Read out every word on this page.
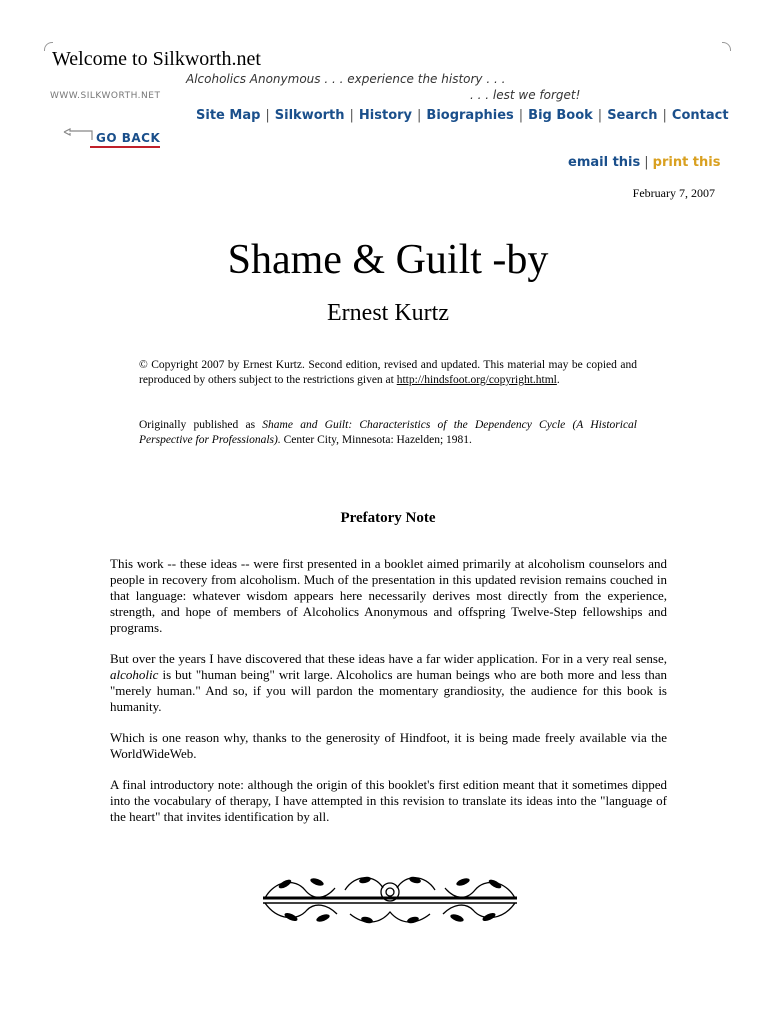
Welcome to Silkworth.net
Alcoholics Anonymous . . . experience the history . . .
WWW.SILKWORTH.NET	. . . lest we forget!
Site Map | Silkworth | History | Biographies | Big Book | Search | Contact
GO BACK
email this | print this
February 7, 2007
Shame & Guilt -by
Ernest Kurtz
© Copyright 2007 by Ernest Kurtz. Second edition, revised and updated. This material may be copied and reproduced by others subject to the restrictions given at http://hindsfoot.org/copyright.html.
Originally published as Shame and Guilt: Characteristics of the Dependency Cycle (A Historical Perspective for Professionals). Center City, Minnesota: Hazelden; 1981.
Prefatory Note
This work -- these ideas -- were first presented in a booklet aimed primarily at alcoholism counselors and people in recovery from alcoholism. Much of the presentation in this updated revision remains couched in that language: whatever wisdom appears here necessarily derives most directly from the experience, strength, and hope of members of Alcoholics Anonymous and offspring Twelve-Step fellowships and programs.
But over the years I have discovered that these ideas have a far wider application. For in a very real sense, alcoholic is but "human being" writ large. Alcoholics are human beings who are both more and less than "merely human." And so, if you will pardon the momentary grandiosity, the audience for this book is humanity.
Which is one reason why, thanks to the generosity of Hindfoot, it is being made freely available via the WorldWideWeb.
A final introductory note: although the origin of this booklet's first edition meant that it sometimes dipped into the vocabulary of therapy, I have attempted in this revision to translate its ideas into the "language of the heart" that invites identification by all.
